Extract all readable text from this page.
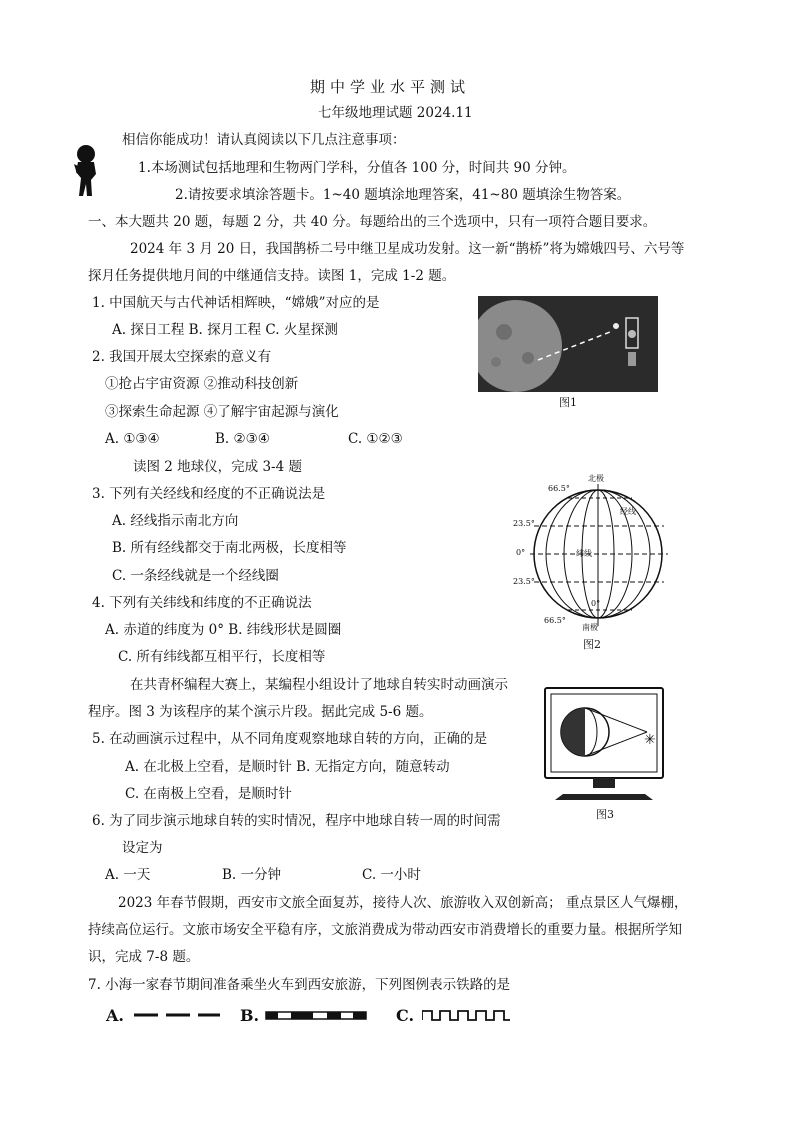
期中学业水平测试
七年级地理试题 2024.11
相信你能成功！请认真阅读以下几点注意事项：
1.本场测试包括地理和生物两门学科，分值各 100 分，时间共 90 分钟。
2.请按要求填涂答题卡。1~40 题填涂地理答案，41~80 题填涂生物答案。
一、本大题共 20 题，每题 2 分，共 40 分。每题给出的三个选项中，只有一项符合题目要求。
2024 年 3 月 20 日，我国鹊桥二号中继卫星成功发射。这一新“鹊桥”将为嫦娥四号、六号等
探月任务提供地月间的中继通信支持。读图 1，完成 1-2 题。
1. 中国航天与古代神话相辉映，“嫦娥”对应的是
A. 探日工程 B. 探月工程 C. 火星探测
2. 我国开展太空探索的意义有
①抢占宇宙资源 ②推动科技创新
③探索生命起源 ④了解宇宙起源与演化
A. ①③④	B. ②③④	C. ①②③
图1
读图 2 地球仪，完成 3-4 题
3. 下列有关经线和经度的不正确说法是
A. 经线指示南北方向
B. 所有经线都交于南北两极，长度相等
C. 一条经线就是一个经线圈
4. 下列有关纬线和纬度的不正确说法
A. 赤道的纬度为 0° B. 纬线形状是圆圈
C. 所有纬线都互相平行，长度相等
北极
66.5°
经线
23.5°
0°	纬线
23.5°
0°
66.5°
南极
图2
在共青杯编程大赛上，某编程小组设计了地球自转实时动画演示
程序。图 3 为该程序的某个演示片段。据此完成 5-6 题。
✳
图3
5. 在动画演示过程中，从不同角度观察地球自转的方向，正确的是
A. 在北极上空看，是顺时针 B. 无指定方向，随意转动
C. 在南极上空看，是顺时针
6. 为了同步演示地球自转的实时情况，程序中地球自转一周的时间需
设定为
A. 一天	B. 一分钟	C. 一小时
2023 年春节假期，西安市文旅全面复苏，接待人次、旅游收入双创新高； 重点景区人气爆棚，
持续高位运行。文旅市场安全平稳有序，文旅消费成为带动西安市消费增长的重要力量。根据所学知
识，完成 7-8 题。
7. 小海一家春节期间准备乘坐火车到西安旅游，下列图例表示铁路的是
A.	B.	C.
